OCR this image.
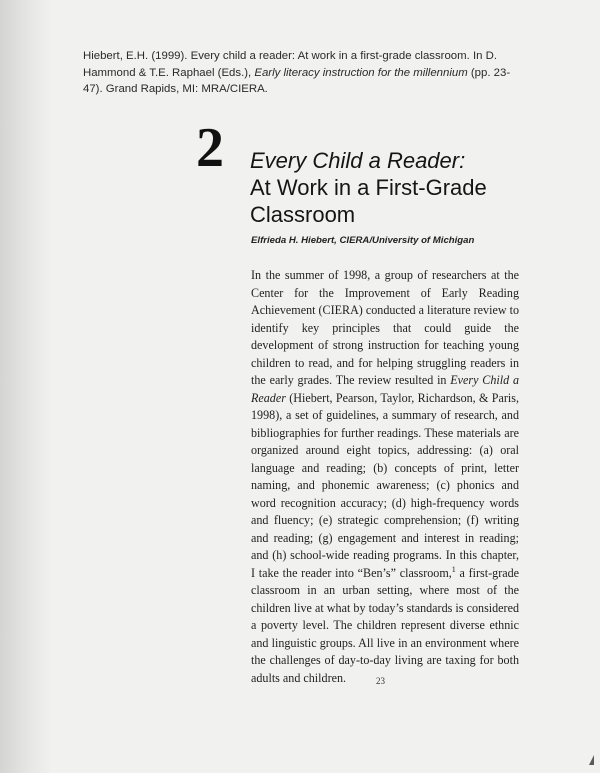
Hiebert, E.H. (1999). Every child a reader: At work in a first-grade classroom. In D. Hammond & T.E. Raphael (Eds.), Early literacy instruction for the millennium (pp. 23-47). Grand Rapids, MI: MRA/CIERA.
2 Every Child a Reader:
At Work in a First-Grade
Classroom
Elfrieda H. Hiebert, CIERA/University of Michigan
In the summer of 1998, a group of researchers at the Center for the Improvement of Early Reading Achievement (CIERA) conducted a literature review to identify key principles that could guide the development of strong instruction for teaching young children to read, and for helping struggling readers in the early grades. The review resulted in Every Child a Reader (Hiebert, Pearson, Taylor, Richardson, & Paris, 1998), a set of guidelines, a summary of research, and bibliographies for further readings. These materials are organized around eight topics, addressing: (a) oral language and reading; (b) concepts of print, letter naming, and phonemic awareness; (c) phonics and word recognition accuracy; (d) high-frequency words and fluency; (e) strategic comprehension; (f) writing and reading; (g) engagement and interest in reading; and (h) school-wide reading programs. In this chapter, I take the reader into “Ben’s” classroom,$^1$ a first-grade classroom in an urban setting, where most of the children live at what by today’s standards is considered a poverty level. The children represent diverse ethnic and linguistic groups. All live in an environment where the challenges of day-to-day living are taxing for both adults and children.	23
